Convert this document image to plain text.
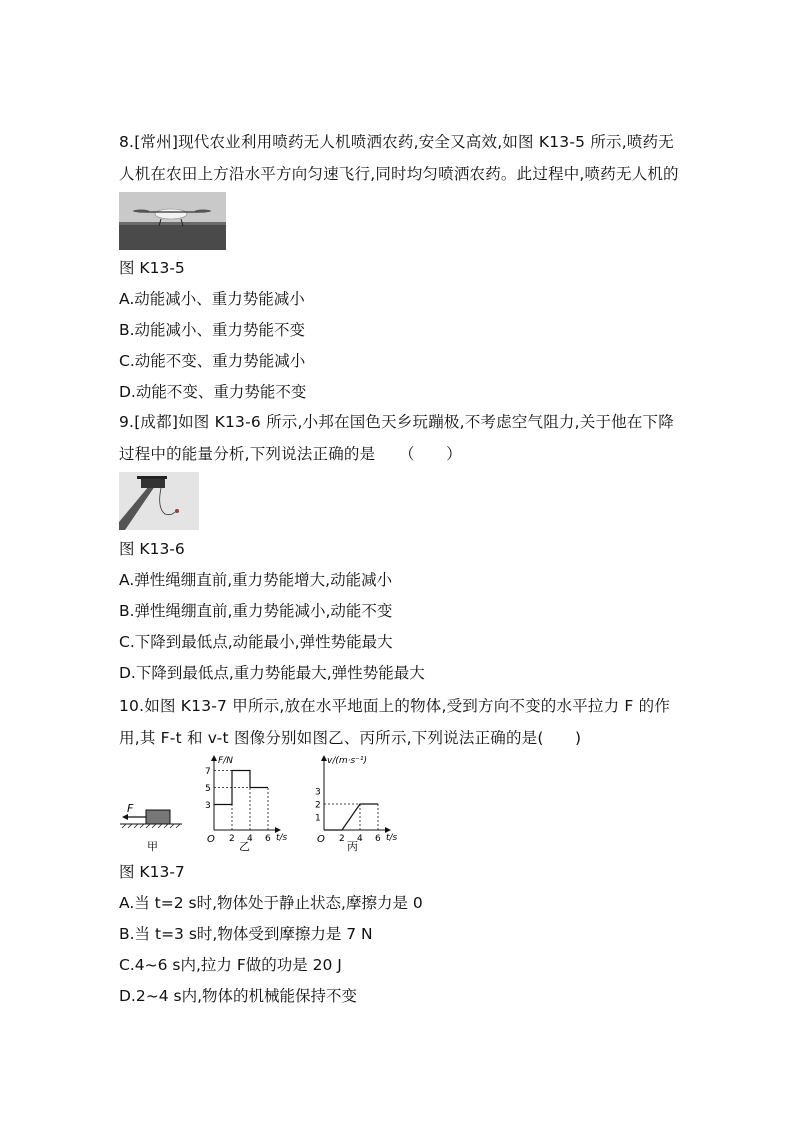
8.[常州]现代农业利用喷药无人机喷洒农药,安全又高效,如图 K13-5 所示,喷药无人机在农田上方沿水平方向匀速飞行,同时均匀喷洒农药。此过程中,喷药无人机的　　　

图 K13-5

A.动能减小、重力势能减小

B.动能减小、重力势能不变

C.动能不变、重力势能减小

D.动能不变、重力势能不变

9.[成都]如图 K13-6 所示,小邦在国色天乡玩蹦极,不考虑空气阻力,关于他在下降过程中的能量分析,下列说法正确的是　　（　　）

图 K13-6

A.弹性绳绷直前,重力势能增大,动能减小

B.弹性绳绷直前,重力势能减小,动能不变

C.下降到最低点,动能最小,弹性势能最大

D.下降到最低点,重力势能最大,弹性势能最大

10.如图 K13-7 甲所示,放在水平地面上的物体,受到方向不变的水平拉力 F 的作用,其 F-t 和 v-t 图像分别如图乙、丙所示,下列说法正确的是(　　)

F
甲
F/N
t/s
O
7
5
3
2 4 6
乙
v/(m·s⁻¹)
t/s
O
3
2
1
2 4 6
丙

图 K13-7

A.当 t=2 s时,物体处于静止状态,摩擦力是 0

B.当 t=3 s时,物体受到摩擦力是 7 N

C.4~6 s内,拉力 F做的功是 20 J

D.2~4 s内,物体的机械能保持不变
